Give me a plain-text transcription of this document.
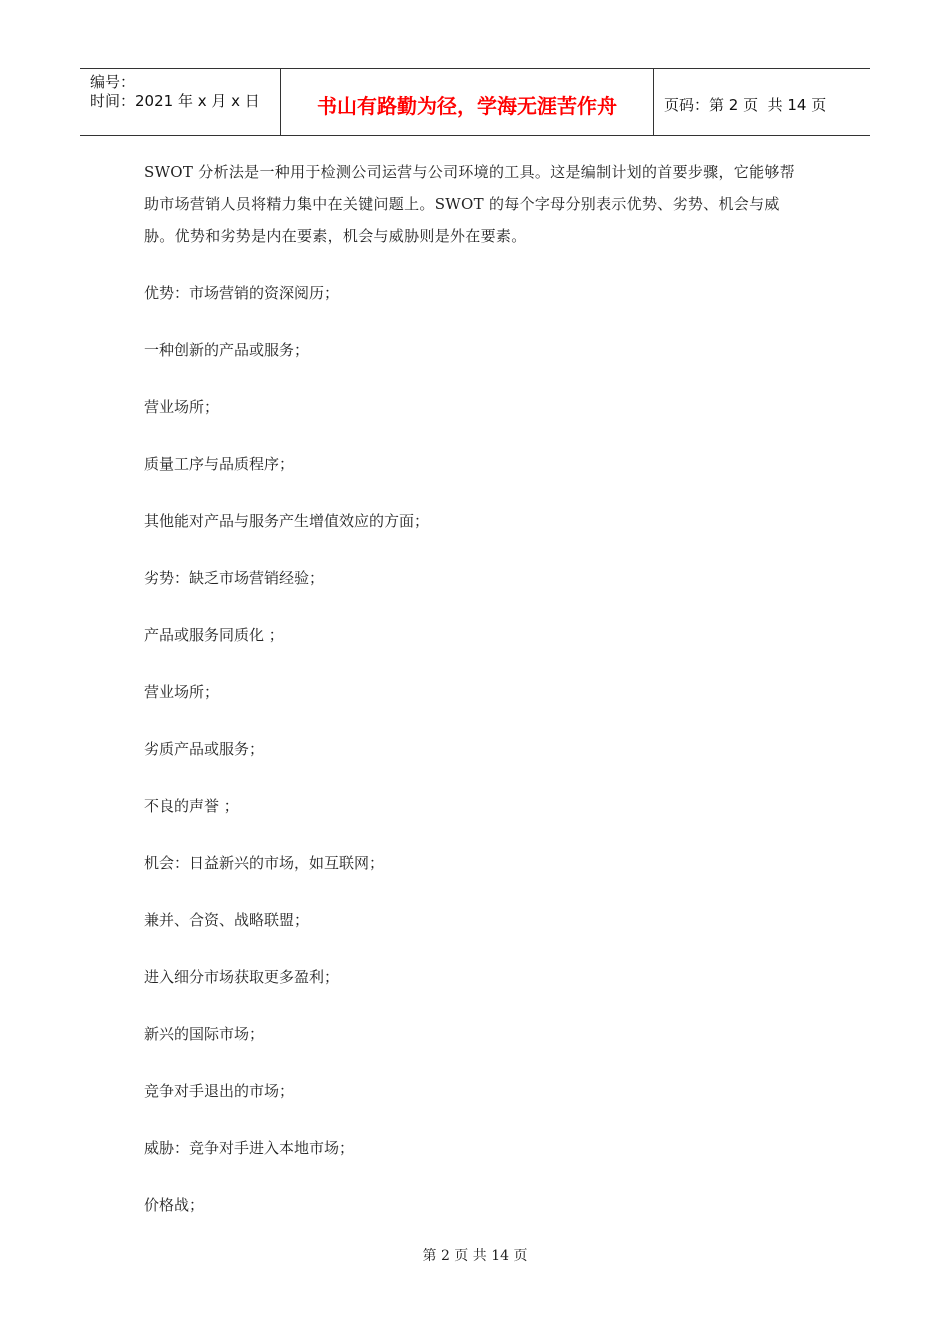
编号：
时间：2021 年 x 月 x 日	书山有路勤为径，学海无涯苦作舟	页码：第 2 页  共 14 页

SWOT 分析法是一种用于检测公司运营与公司环境的工具。这是编制计划的首要步骤，它能够帮助市场营销人员将精力集中在关键问题上。SWOT 的每个字母分别表示优势、劣势、机会与威胁。优势和劣势是内在要素，机会与威胁则是外在要素。

优势：市场营销的资深阅历；

一种创新的产品或服务；

营业场所；

质量工序与品质程序；

其他能对产品与服务产生增值效应的方面；

劣势：缺乏市场营销经验；

产品或服务同质化 ；

营业场所；

劣质产品或服务；

不良的声誉 ；

机会：日益新兴的市场，如互联网；

兼并、合资、战略联盟；

进入细分市场获取更多盈利；

新兴的国际市场；

竞争对手退出的市场；

威胁：竞争对手进入本地市场；

价格战；

第 2 页 共 14 页
